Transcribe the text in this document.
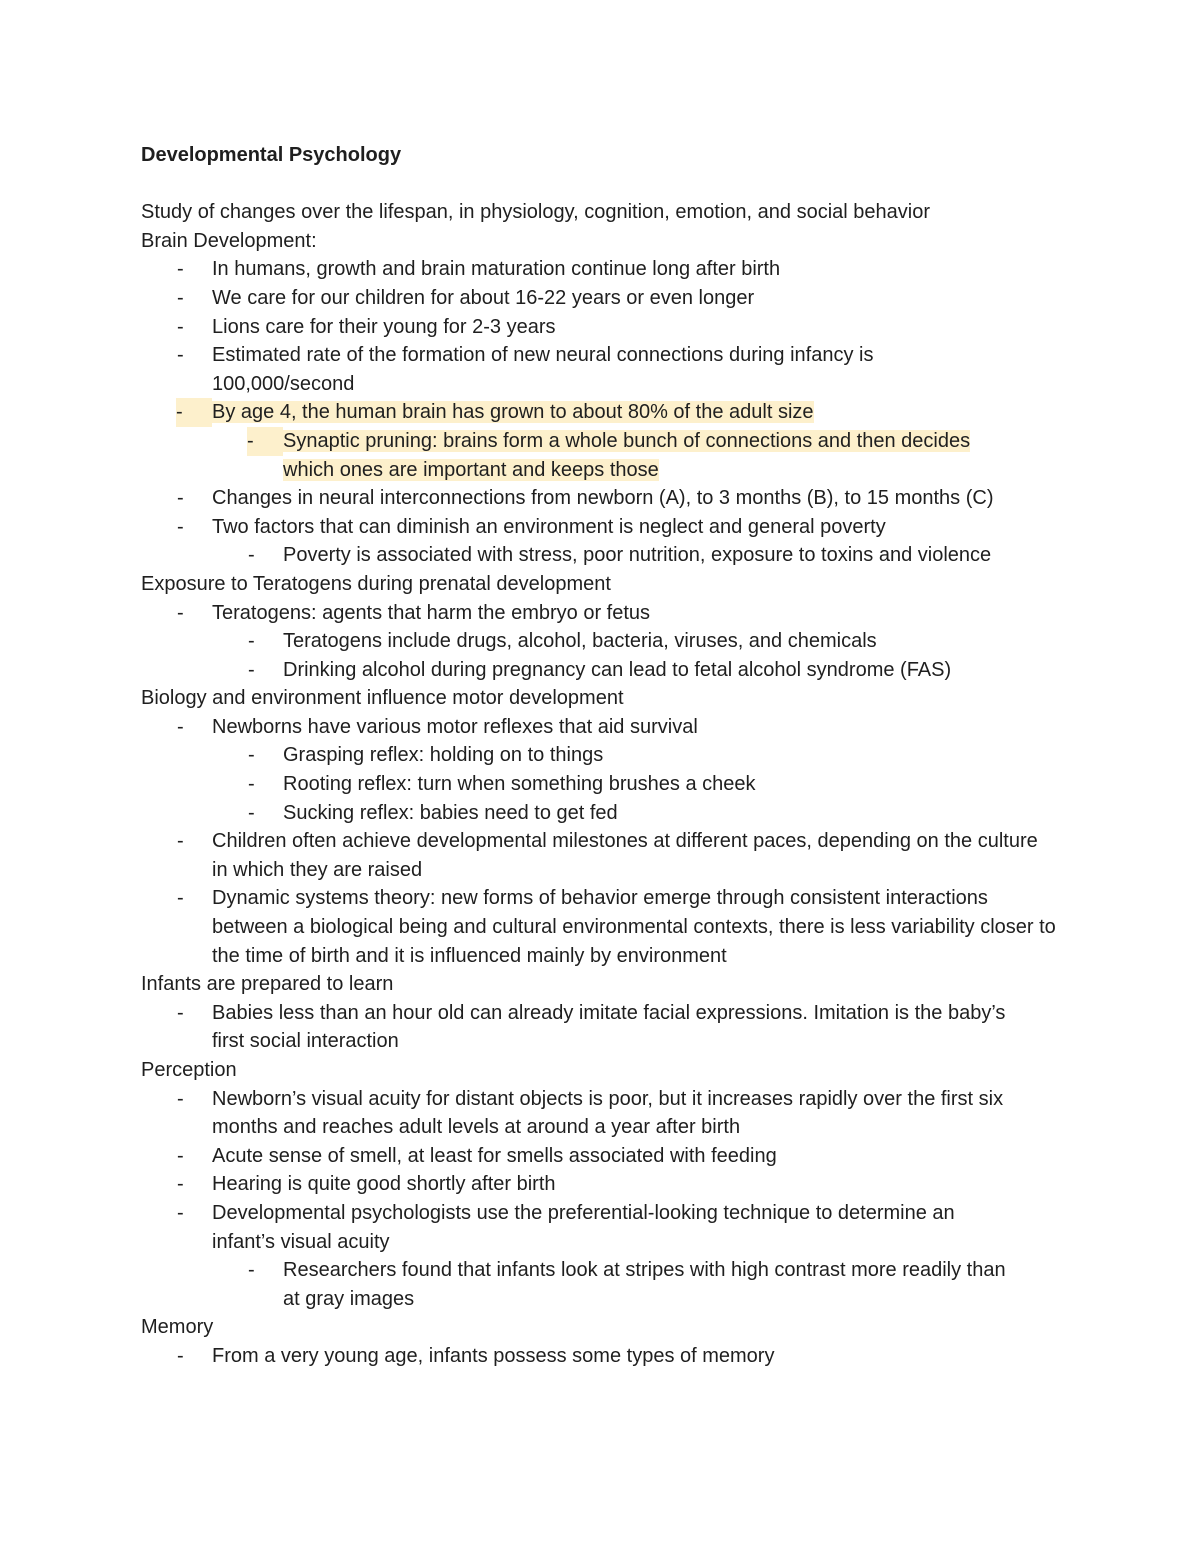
Developmental Psychology

Study of changes over the lifespan, in physiology, cognition, emotion, and social behavior

Brain Development:

- In humans, growth and brain maturation continue long after birth
- We care for our children for about 16-22 years or even longer
- Lions care for their young for 2-3 years
- Estimated rate of the formation of new neural connections during infancy is 100,000/second
-	By age 4, the human brain has grown to about 80% of the adult size
-	Synaptic pruning: brains form a whole bunch of connections and then decides
which ones are important and keeps those
- Changes in neural interconnections from newborn (A), to 3 months (B), to 15 months (C)
- Two factors that can diminish an environment is neglect and general poverty
- Poverty is associated with stress, poor nutrition, exposure to toxins and violence

Exposure to Teratogens during prenatal development

- Teratogens: agents that harm the embryo or fetus
- Teratogens include drugs, alcohol, bacteria, viruses, and chemicals
- Drinking alcohol during pregnancy can lead to fetal alcohol syndrome (FAS)

Biology and environment influence motor development

- Newborns have various motor reflexes that aid survival
- Grasping reflex: holding on to things
- Rooting reflex: turn when something brushes a cheek
- Sucking reflex: babies need to get fed
- Children often achieve developmental milestones at different paces, depending on the culture in which they are raised
- Dynamic systems theory: new forms of behavior emerge through consistent interactions between a biological being and cultural environmental contexts, there is less variability closer to the time of birth and it is influenced mainly by environment

Infants are prepared to learn

- Babies less than an hour old can already imitate facial expressions. Imitation is the baby’s first social interaction

Perception

- Newborn’s visual acuity for distant objects is poor, but it increases rapidly over the first six months and reaches adult levels at around a year after birth
- Acute sense of smell, at least for smells associated with feeding
- Hearing is quite good shortly after birth
- Developmental psychologists use the preferential-looking technique to determine an infant’s visual acuity
- Researchers found that infants look at stripes with high contrast more readily than at gray images

Memory

- From a very young age, infants possess some types of memory
